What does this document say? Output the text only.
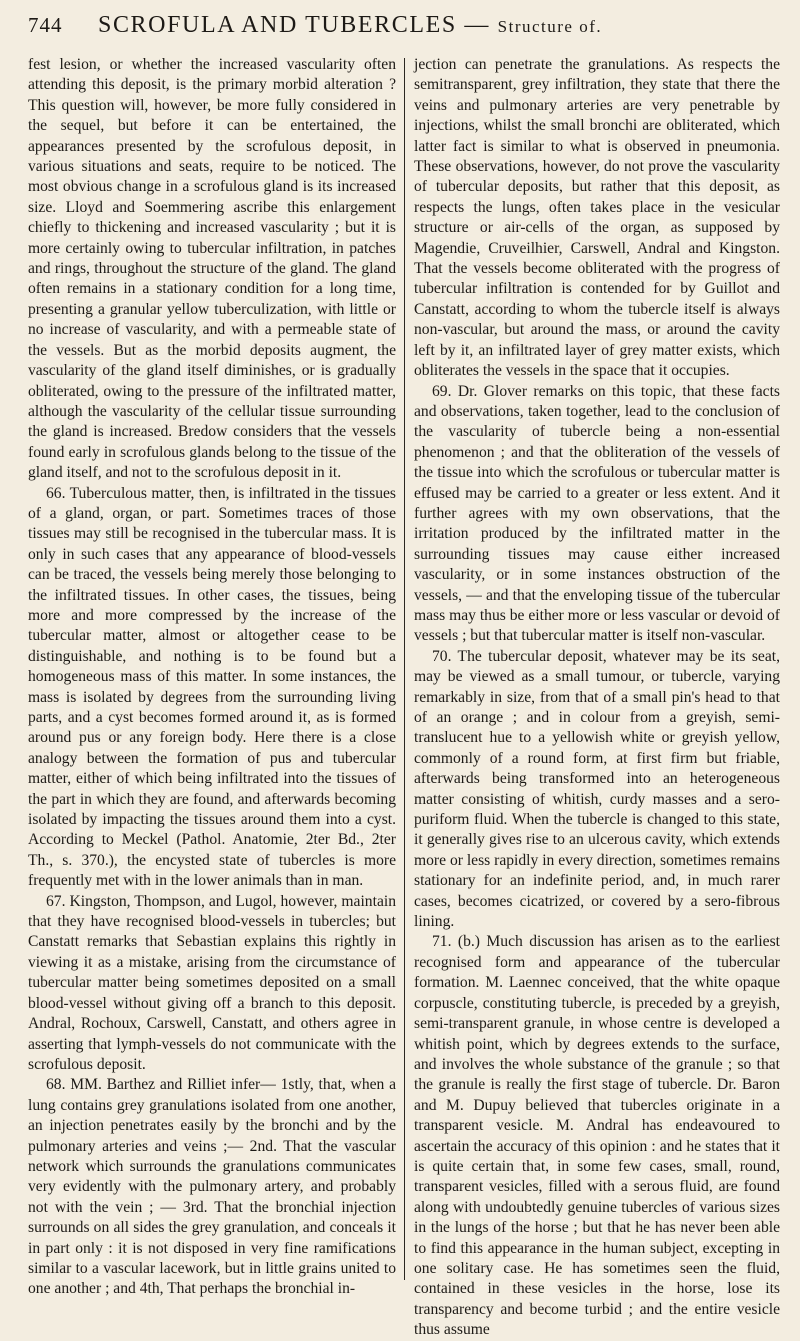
744	SCROFULA AND TUBERCLES — Structure of.

fest lesion, or whether the increased vascularity often attending this deposit, is the primary morbid alteration ? This question will, however, be more fully considered in the sequel, but before it can be entertained, the appearances presented by the scrofulous deposit, in various situations and seats, require to be noticed. The most obvious change in a scrofulous gland is its increased size. Lloyd and Soemmering ascribe this enlargement chiefly to thickening and increased vascularity ; but it is more certainly owing to tubercular infiltration, in patches and rings, throughout the structure of the gland. The gland often remains in a stationary condition for a long time, presenting a granular yellow tuberculization, with little or no increase of vascularity, and with a permeable state of the vessels. But as the morbid deposits augment, the vascularity of the gland itself diminishes, or is gradually obliterated, owing to the pressure of the infiltrated matter, although the vascularity of the cellular tissue surrounding the gland is increased. Bredow considers that the vessels found early in scrofulous glands belong to the tissue of the gland itself, and not to the scrofulous deposit in it.

66. Tuberculous matter, then, is infiltrated in the tissues of a gland, organ, or part. Sometimes traces of those tissues may still be recognised in the tubercular mass. It is only in such cases that any appearance of blood-vessels can be traced, the vessels being merely those belonging to the infiltrated tissues. In other cases, the tissues, being more and more compressed by the increase of the tubercular matter, almost or altogether cease to be distinguishable, and nothing is to be found but a homogeneous mass of this matter. In some instances, the mass is isolated by degrees from the surrounding living parts, and a cyst becomes formed around it, as is formed around pus or any foreign body. Here there is a close analogy between the formation of pus and tubercular matter, either of which being infiltrated into the tissues of the part in which they are found, and afterwards becoming isolated by impacting the tissues around them into a cyst. According to Meckel (Pathol. Anatomie, 2ter Bd., 2ter Th., s. 370.), the encysted state of tubercles is more frequently met with in the lower animals than in man.

67. Kingston, Thompson, and Lugol, however, maintain that they have recognised blood-vessels in tubercles; but Canstatt remarks that Sebastian explains this rightly in viewing it as a mistake, arising from the circumstance of tubercular matter being sometimes deposited on a small blood-vessel without giving off a branch to this deposit. Andral, Rochoux, Carswell, Canstatt, and others agree in asserting that lymph-vessels do not communicate with the scrofulous deposit.

68. MM. Barthez and Rilliet infer— 1stly, that, when a lung contains grey granulations isolated from one another, an injection penetrates easily by the bronchi and by the pulmonary arteries and veins ;— 2nd. That the vascular network which surrounds the granulations communicates very evidently with the pulmonary artery, and probably not with the vein ; — 3rd. That the bronchial injection surrounds on all sides the grey granulation, and conceals it in part only : it is not disposed in very fine ramifications similar to a vascular lacework, but in little grains united to one another ; and 4th, That perhaps the bronchial in-

jection can penetrate the granulations. As respects the semitransparent, grey infiltration, they state that there the veins and pulmonary arteries are very penetrable by injections, whilst the small bronchi are obliterated, which latter fact is similar to what is observed in pneumonia. These observations, however, do not prove the vascularity of tubercular deposits, but rather that this deposit, as respects the lungs, often takes place in the vesicular structure or air-cells of the organ, as supposed by Magendie, Cruveilhier, Carswell, Andral and Kingston. That the vessels become obliterated with the progress of tubercular infiltration is contended for by Guillot and Canstatt, according to whom the tubercle itself is always non-vascular, but around the mass, or around the cavity left by it, an infiltrated layer of grey matter exists, which obliterates the vessels in the space that it occupies.

69. Dr. Glover remarks on this topic, that these facts and observations, taken together, lead to the conclusion of the vascularity of tubercle being a non-essential phenomenon ; and that the obliteration of the vessels of the tissue into which the scrofulous or tubercular matter is effused may be carried to a greater or less extent. And it further agrees with my own observations, that the irritation produced by the infiltrated matter in the surrounding tissues may cause either increased vascularity, or in some instances obstruction of the vessels, — and that the enveloping tissue of the tubercular mass may thus be either more or less vascular or devoid of vessels ; but that tubercular matter is itself non-vascular.

70. The tubercular deposit, whatever may be its seat, may be viewed as a small tumour, or tubercle, varying remarkably in size, from that of a small pin's head to that of an orange ; and in colour from a greyish, semi-translucent hue to a yellowish white or greyish yellow, commonly of a round form, at first firm but friable, afterwards being transformed into an heterogeneous matter consisting of whitish, curdy masses and a sero-puriform fluid. When the tubercle is changed to this state, it generally gives rise to an ulcerous cavity, which extends more or less rapidly in every direction, sometimes remains stationary for an indefinite period, and, in much rarer cases, becomes cicatrized, or covered by a sero-fibrous lining.

71. (b.) Much discussion has arisen as to the earliest recognised form and appearance of the tubercular formation. M. Laennec conceived, that the white opaque corpuscle, constituting tubercle, is preceded by a greyish, semi-transparent granule, in whose centre is developed a whitish point, which by degrees extends to the surface, and involves the whole substance of the granule ; so that the granule is really the first stage of tubercle. Dr. Baron and M. Dupuy believed that tubercles originate in a transparent vesicle. M. Andral has endeavoured to ascertain the accuracy of this opinion : and he states that it is quite certain that, in some few cases, small, round, transparent vesicles, filled with a serous fluid, are found along with undoubtedly genuine tubercles of various sizes in the lungs of the horse ; but that he has never been able to find this appearance in the human subject, excepting in one solitary case. He has sometimes seen the fluid, contained in these vesicles in the horse, lose its transparency and become turbid ; and the entire vesicle thus assume
